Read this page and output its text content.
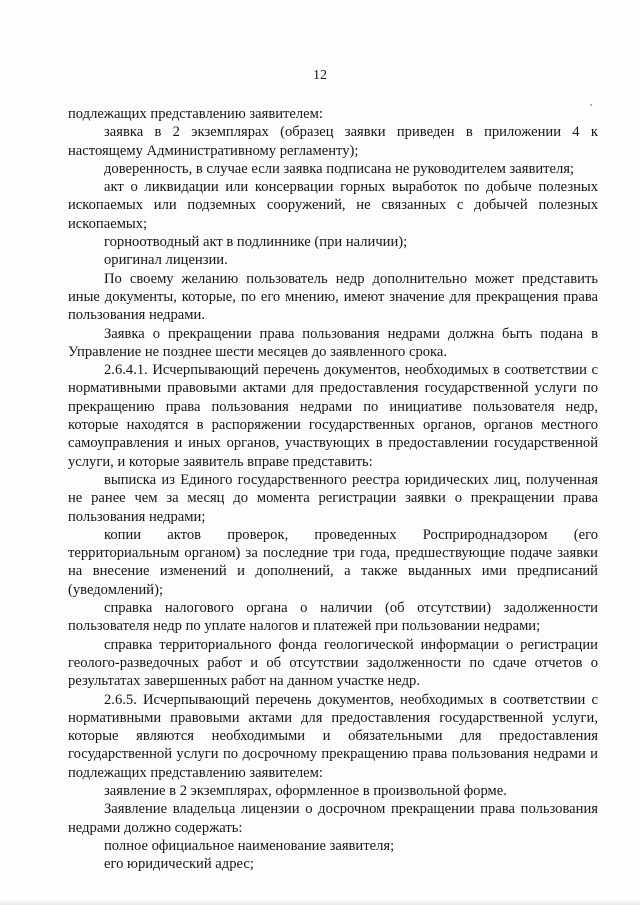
12

подлежащих представлению заявителем:

заявка в 2 экземплярах (образец заявки приведен в приложении 4 к настоящему Административному регламенту);

доверенность, в случае если заявка подписана не руководителем заявителя;

акт о ликвидации или консервации горных выработок по добыче полезных ископаемых или подземных сооружений, не связанных с добычей полезных ископаемых;

горноотводный акт в подлиннике (при наличии);

оригинал лицензии.

По своему желанию пользователь недр дополнительно может представить иные документы, которые, по его мнению, имеют значение для прекращения права пользования недрами.

Заявка о прекращении права пользования недрами должна быть подана в Управление не позднее шести месяцев до заявленного срока.

2.6.4.1. Исчерпывающий перечень документов, необходимых в соответствии с нормативными правовыми актами для предоставления государственной услуги по прекращению права пользования недрами по инициативе пользователя недр, которые находятся в распоряжении государственных органов, органов местного самоуправления и иных органов, участвующих в предоставлении государственной услуги, и которые заявитель вправе представить:

выписка из Единого государственного реестра юридических лиц, полученная не ранее чем за месяц до момента регистрации заявки о прекращении права пользования недрами;

копии актов проверок, проведенных Росприроднадзором (его территориальным органом) за последние три года, предшествующие подаче заявки на внесение изменений и дополнений, а также выданных ими предписаний (уведомлений);

справка налогового органа о наличии (об отсутствии) задолженности пользователя недр по уплате налогов и платежей при пользовании недрами;

справка территориального фонда геологической информации о регистрации геолого-разведочных работ и об отсутствии задолженности по сдаче отчетов о результатах завершенных работ на данном участке недр.

2.6.5. Исчерпывающий перечень документов, необходимых в соответствии с нормативными правовыми актами для предоставления государственной услуги, которые являются необходимыми и обязательными для предоставления государственной услуги по досрочному прекращению права пользования недрами и подлежащих представлению заявителем:

заявление в 2 экземплярах, оформленное в произвольной форме.

Заявление владельца лицензии о досрочном прекращении права пользования недрами должно содержать:

полное официальное наименование заявителя;

его юридический адрес;
